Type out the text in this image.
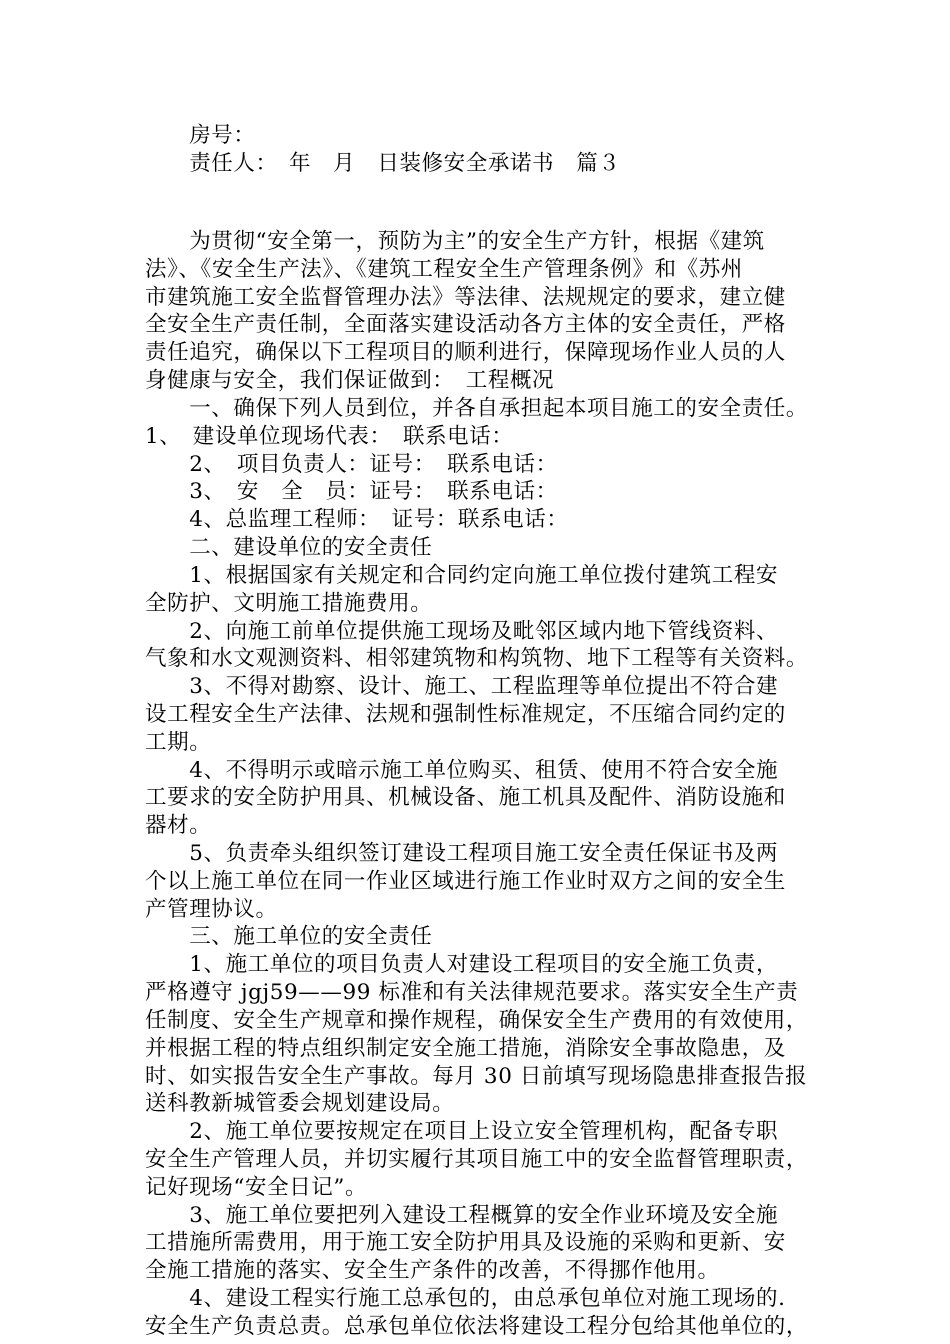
　　房号：
　　责任人：　年　月　日装修安全承诺书　篇３
　　为贯彻“安全第一，预防为主”的安全生产方针，根据《建筑
法》、《安全生产法》、《建筑工程安全生产管理条例》和《苏州
市建筑施工安全监督管理办法》等法律、法规规定的要求，建立健
全安全生产责任制，全面落实建设活动各方主体的安全责任，严格
责任追究，确保以下工程项目的顺利进行，保障现场作业人员的人
身健康与安全，我们保证做到：　工程概况
　　一、确保下列人员到位，并各自承担起本项目施工的安全责任。
1、　建设单位现场代表：　联系电话：
　　2、　项目负责人：证号：　联系电话：
　　3、　安　全　员：证号：　联系电话：
　　4、总监理工程师：　证号：联系电话：
　　二、建设单位的安全责任
　　1、根据国家有关规定和合同约定向施工单位拨付建筑工程安
全防护、文明施工措施费用。
　　2、向施工前单位提供施工现场及毗邻区域内地下管线资料、
气象和水文观测资料、相邻建筑物和构筑物、地下工程等有关资料。
　　3、不得对勘察、设计、施工、工程监理等单位提出不符合建
设工程安全生产法律、法规和强制性标准规定，不压缩合同约定的
工期。
　　4、不得明示或暗示施工单位购买、租赁、使用不符合安全施
工要求的安全防护用具、机械设备、施工机具及配件、消防设施和
器材。
　　5、负责牵头组织签订建设工程项目施工安全责任保证书及两
个以上施工单位在同一作业区域进行施工作业时双方之间的安全生
产管理协议。
　　三、施工单位的安全责任
　　1、施工单位的项目负责人对建设工程项目的安全施工负责，
严格遵守 jgj59——99 标准和有关法律规范要求。落实安全生产责
任制度、安全生产规章和操作规程，确保安全生产费用的有效使用，
并根据工程的特点组织制定安全施工措施，消除安全事故隐患，及
时、如实报告安全生产事故。每月 30 日前填写现场隐患排查报告报
送科教新城管委会规划建设局。
　　2、施工单位要按规定在项目上设立安全管理机构，配备专职
安全生产管理人员，并切实履行其项目施工中的安全监督管理职责，
记好现场“安全日记”。
　　3、施工单位要把列入建设工程概算的安全作业环境及安全施
工措施所需费用，用于施工安全防护用具及设施的采购和更新、安
全施工措施的落实、安全生产条件的改善，不得挪作他用。
　　4、建设工程实行施工总承包的，由总承包单位对施工现场的.
安全生产负责总责。总承包单位依法将建设工程分包给其他单位的，
